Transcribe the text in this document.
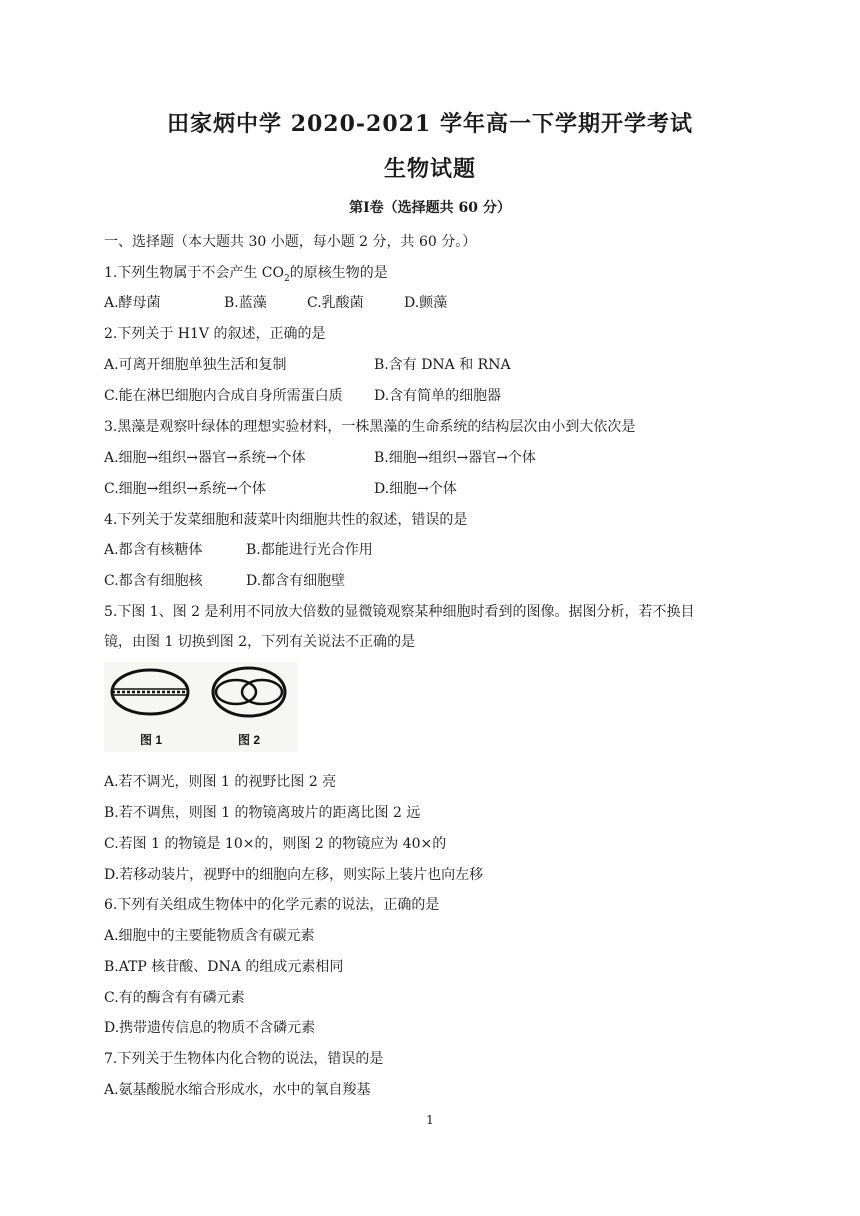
田家炳中学 2020-2021 学年高一下学期开学考试
生物试题
第Ⅰ卷（选择题共 60 分）
一、选择题（本大题共 30 小题，每小题 2 分，共 60 分。）
1.下列生物属于不会产生 $CO_2$的原核生物的是
A.酵母菌	B.蓝藻	C.乳酸菌	D.颤藻
2.下列关于 H1V 的叙述，正确的是
A.可离开细胞单独生活和复制	B.含有 DNA 和 RNA
C.能在淋巴细胞内合成自身所需蛋白质 D.含有简单的细胞器
3.黑藻是观察叶绿体的理想实验材料，一株黑藻的生命系统的结构层次由小到大依次是
A.细胞→组织→器官→系统→个体	B.细胞→组织→器官→个体
C.细胞→组织→系统→个体	D.细胞→个体
4.下列关于发菜细胞和菠菜叶肉细胞共性的叙述，错误的是
A.都含有核糖体	B.都能进行光合作用
C.都含有细胞核	D.都含有细胞壁
5.下图 1、图 2 是利用不同放大倍数的显微镜观察某种细胞时看到的图像。据图分析，若不换目
镜，由图 1 切换到图 2，下列有关说法不正确的是
图 1	图 2
A.若不调光，则图 1 的视野比图 2 亮
B.若不调焦，则图 1 的物镜离玻片的距离比图 2 远
C.若图 1 的物镜是 10×的，则图 2 的物镜应为 40×的
D.若移动装片，视野中的细胞向左移，则实际上装片也向左移
6.下列有关组成生物体中的化学元素的说法，正确的是
A.细胞中的主要能物质含有碳元素
B.ATP 核苷酸、DNA 的组成元素相同
C.有的酶含有有磷元素
D.携带遗传信息的物质不含磷元素
7.下列关于生物体内化合物的说法，错误的是
A.氨基酸脱水缩合形成水，水中的氧自羧基
1
